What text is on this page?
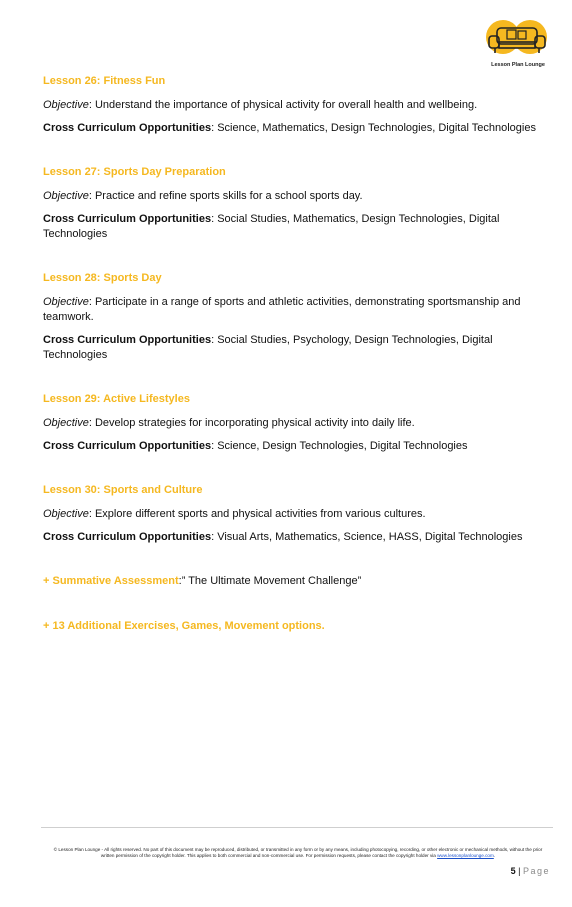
Lesson Plan Lounge

Lesson 26: Fitness Fun

Objective: Understand the importance of physical activity for overall health and wellbeing.

Cross Curriculum Opportunities: Science, Mathematics, Design Technologies, Digital Technologies

Lesson 27: Sports Day Preparation

Objective: Practice and refine sports skills for a school sports day.

Cross Curriculum Opportunities: Social Studies, Mathematics, Design Technologies, Digital Technologies

Lesson 28: Sports Day

Objective: Participate in a range of sports and athletic activities, demonstrating sportsmanship and teamwork.

Cross Curriculum Opportunities: Social Studies, Psychology, Design Technologies, Digital Technologies

Lesson 29: Active Lifestyles

Objective: Develop strategies for incorporating physical activity into daily life.

Cross Curriculum Opportunities: Science, Design Technologies, Digital Technologies

Lesson 30: Sports and Culture

Objective: Explore different sports and physical activities from various cultures.

Cross Curriculum Opportunities: Visual Arts, Mathematics, Science, HASS, Digital Technologies

+ Summative Assessment:” The Ultimate Movement Challenge”

+ 13 Additional Exercises, Games, Movement options.

© Lesson Plan Lounge - All rights reserved. No part of this document may be reproduced, distributed, or transmitted in any form or by any means, including photocopying, recording, or other electronic or mechanical methods, without the prior written permission of the copyright holder. This applies to both commercial and non-commercial use. For permission requests, please contact the copyright holder via www.lessonplanlounge.com.
5 | Page
